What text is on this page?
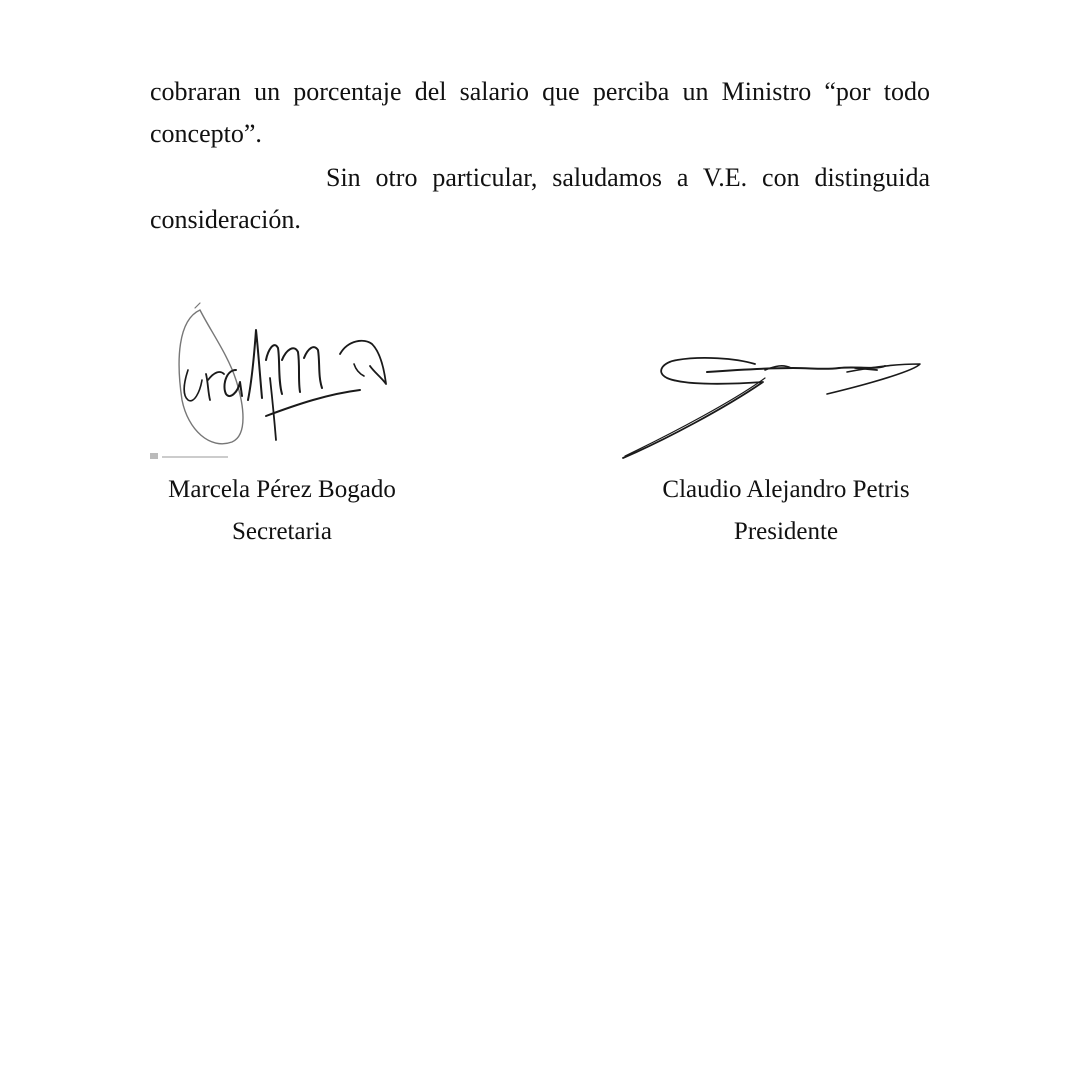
cobraran un porcentaje del salario que perciba un Ministro “por todo concepto”.

Sin otro particular, saludamos a V.E. con distinguida consideración.

Marcela Pérez Bogado
Secretaria

Claudio Alejandro Petris
Presidente
